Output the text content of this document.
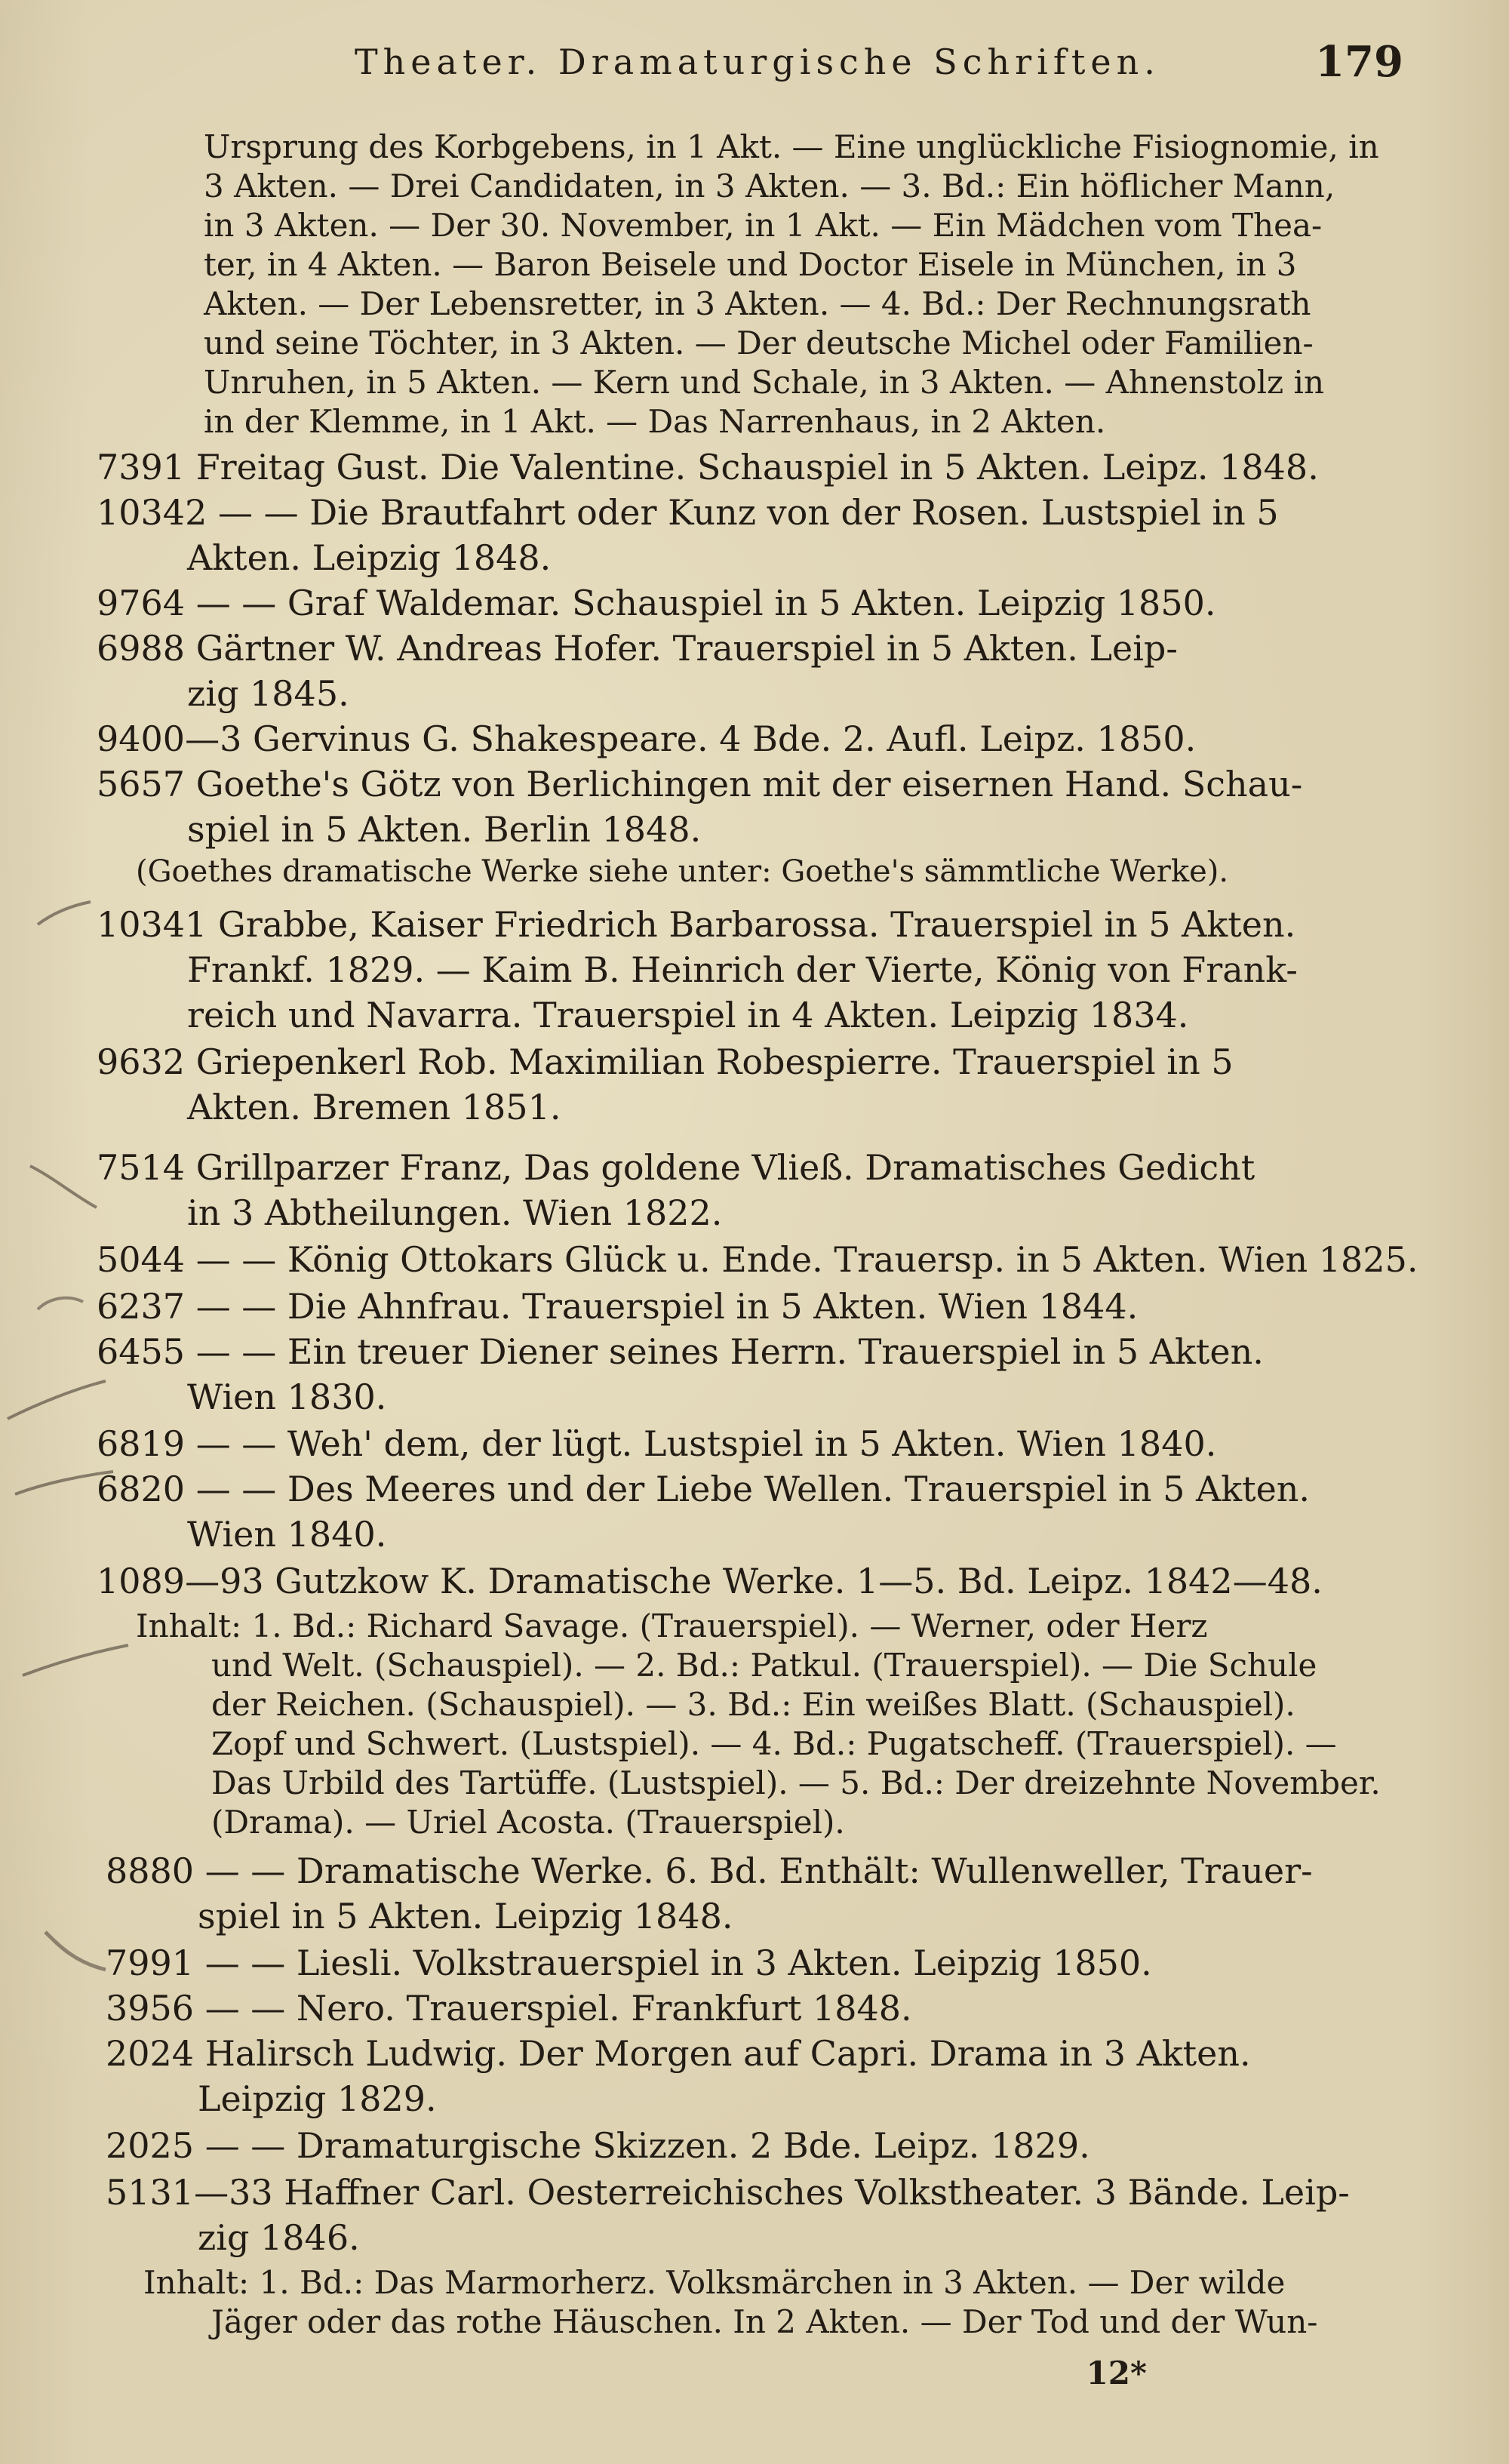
Theater. Dramaturgische Schriften.	179
Ursprung des Korbgebens, in 1 Akt. — Eine unglückliche Fisiognomie, in
3 Akten. — Drei Candidaten, in 3 Akten. — 3. Bd.: Ein höflicher Mann,
in 3 Akten. — Der 30. November, in 1 Akt. — Ein Mädchen vom Thea-
ter, in 4 Akten. — Baron Beisele und Doctor Eisele in München, in 3
Akten. — Der Lebensretter, in 3 Akten. — 4. Bd.: Der Rechnungsrath
und seine Töchter, in 3 Akten. — Der deutsche Michel oder Familien-
Unruhen, in 5 Akten. — Kern und Schale, in 3 Akten. — Ahnenstolz in
in der Klemme, in 1 Akt. — Das Narrenhaus, in 2 Akten.
7391 Freitag Gust. Die Valentine. Schauspiel in 5 Akten. Leipz. 1848.
10342 — — Die Brautfahrt oder Kunz von der Rosen. Lustspiel in 5
Akten. Leipzig 1848.
9764 — — Graf Waldemar. Schauspiel in 5 Akten. Leipzig 1850.
6988 Gärtner W. Andreas Hofer. Trauerspiel in 5 Akten. Leip-
zig 1845.
9400—3 Gervinus G. Shakespeare. 4 Bde. 2. Aufl. Leipz. 1850.
5657 Goethe's Götz von Berlichingen mit der eisernen Hand. Schau-
spiel in 5 Akten. Berlin 1848.
(Goethes dramatische Werke siehe unter: Goethe's sämmtliche Werke).
10341 Grabbe, Kaiser Friedrich Barbarossa. Trauerspiel in 5 Akten.
Frankf. 1829. — Kaim B. Heinrich der Vierte, König von Frank-
reich und Navarra. Trauerspiel in 4 Akten. Leipzig 1834.
9632 Griepenkerl Rob. Maximilian Robespierre. Trauerspiel in 5
Akten. Bremen 1851.
7514 Grillparzer Franz, Das goldene Vließ. Dramatisches Gedicht
in 3 Abtheilungen. Wien 1822.
5044 — — König Ottokars Glück u. Ende. Trauersp. in 5 Akten. Wien 1825.
6237 — — Die Ahnfrau. Trauerspiel in 5 Akten. Wien 1844.
6455 — — Ein treuer Diener seines Herrn. Trauerspiel in 5 Akten.
Wien 1830.
6819 — — Weh' dem, der lügt. Lustspiel in 5 Akten. Wien 1840.
6820 — — Des Meeres und der Liebe Wellen. Trauerspiel in 5 Akten.
Wien 1840.
1089—93 Gutzkow K. Dramatische Werke. 1—5. Bd. Leipz. 1842—48.
Inhalt: 1. Bd.: Richard Savage. (Trauerspiel). — Werner, oder Herz
und Welt. (Schauspiel). — 2. Bd.: Patkul. (Trauerspiel). — Die Schule
der Reichen. (Schauspiel). — 3. Bd.: Ein weißes Blatt. (Schauspiel).
Zopf und Schwert. (Lustspiel). — 4. Bd.: Pugatscheff. (Trauerspiel). —
Das Urbild des Tartüffe. (Lustspiel). — 5. Bd.: Der dreizehnte November.
(Drama). — Uriel Acosta. (Trauerspiel).
8880 — — Dramatische Werke. 6. Bd. Enthält: Wullenweller, Trauer-
spiel in 5 Akten. Leipzig 1848.
7991 — — Liesli. Volkstrauerspiel in 3 Akten. Leipzig 1850.
3956 — — Nero. Trauerspiel. Frankfurt 1848.
2024 Halirsch Ludwig. Der Morgen auf Capri. Drama in 3 Akten.
Leipzig 1829.
2025 — — Dramaturgische Skizzen. 2 Bde. Leipz. 1829.
5131—33 Haffner Carl. Oesterreichisches Volkstheater. 3 Bände. Leip-
zig 1846.
Inhalt: 1. Bd.: Das Marmorherz. Volksmärchen in 3 Akten. — Der wilde
Jäger oder das rothe Häuschen. In 2 Akten. — Der Tod und der Wun-
12*
